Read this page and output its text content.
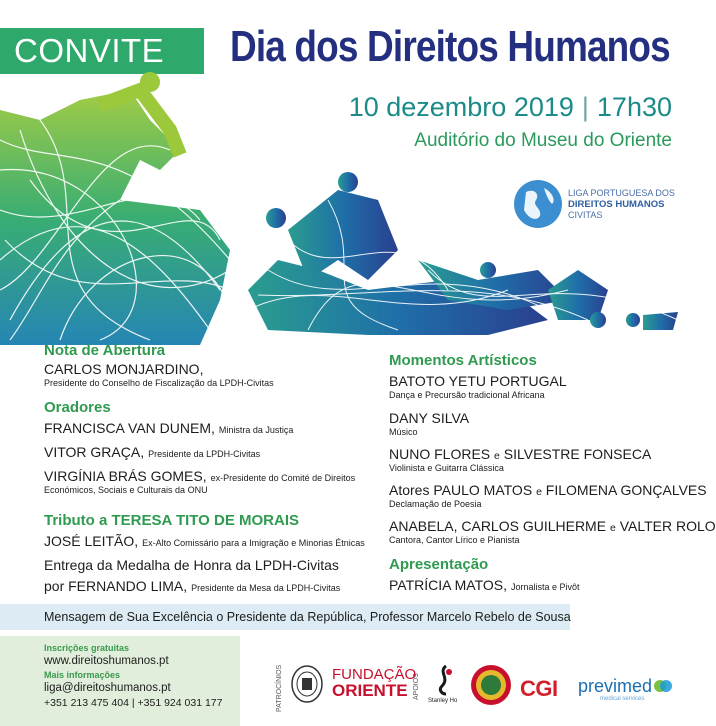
CONVITE	Dia dos Direitos Humanos
10 dezembro 2019 | 17h30
Auditório do Museu do Oriente
LIGA PORTUGUESA DOS
DIREITOS HUMANOS
CIVITAS
Nota de Abertura
CARLOS MONJARDINO,
Presidente do Conselho de Fiscalização da LPDH-Civitas
Oradores
FRANCISCA VAN DUNEM, Ministra da Justiça
VITOR GRAÇA, Presidente da LPDH-Civitas
VIRGÍNIA BRÁS GOMES, ex-Presidente do Comité de Direitos
Económicos, Sociais e Culturais da ONU
Tributo a TERESA TITO DE MORAIS
JOSÉ LEITÃO, Ex-Alto Comissário para a Imigração e Minorias Étnicas
Entrega da Medalha de Honra da LPDH-Civitas
por FERNANDO LIMA, Presidente da Mesa da LPDH-Civitas
Momentos Artísticos
BATOTO YETU PORTUGAL
Dança e Precursão tradicional Africana
DANY SILVA
Músico
NUNO FLORES e SILVESTRE FONSECA
Violinista e Guitarra Clássica
Atores PAULO MATOS e FILOMENA GONÇALVES
Declamação de Poesia
ANABELA, CARLOS GUILHERME e VALTER ROLO
Cantora, Cantor Lírico e Pianista
Apresentação
PATRÍCIA MATOS, Jornalista e Pivôt
Mensagem de Sua Excelência o Presidente da República, Professor Marcelo Rebelo de Sousa
Inscrições gratuitas
www.direitoshumanos.pt
Mais informações
liga@direitoshumanos.pt
+351 213 475 404 | +351 924 031 177	PATROCÍNIOS	FUNDAÇÃO
ORIENTE APOIOS
Stanley Ho	CGI previmed
medical services
